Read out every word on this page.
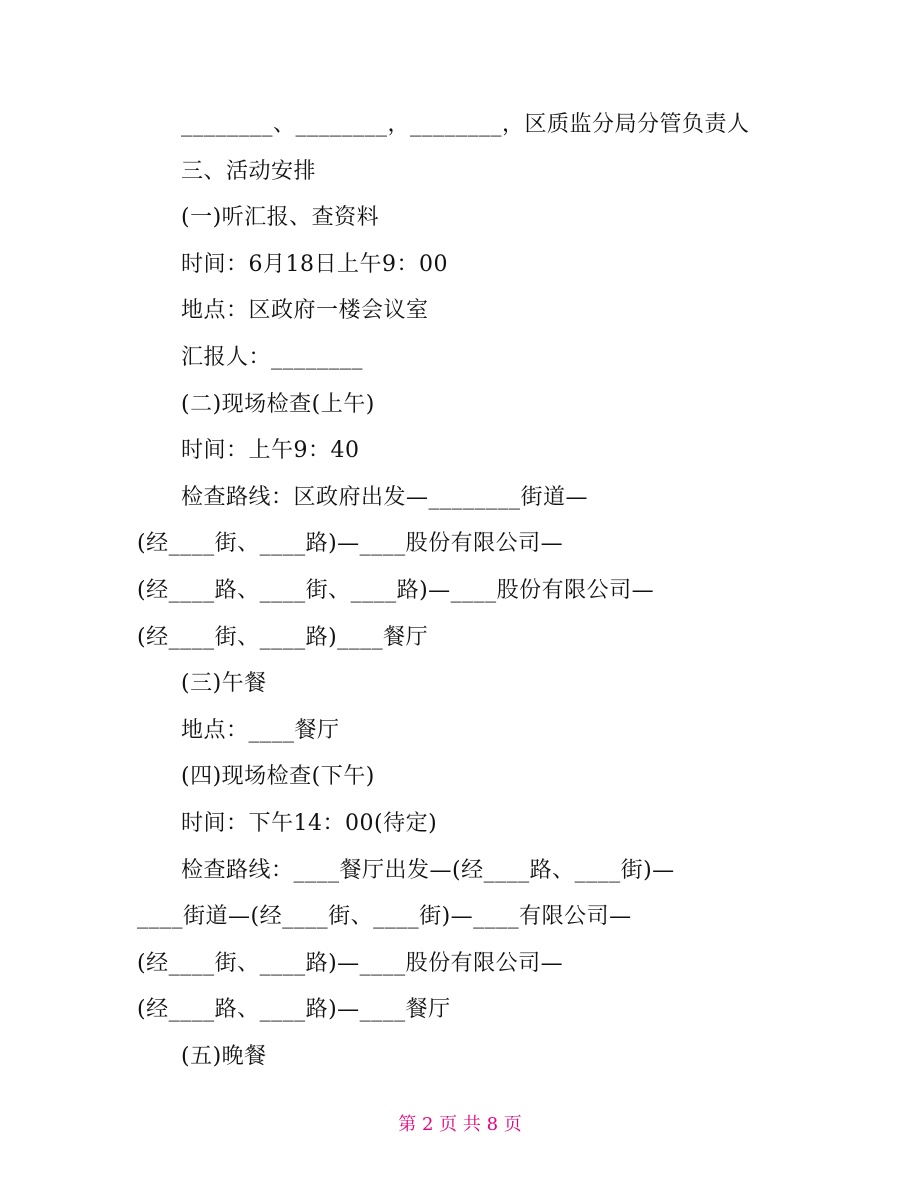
________、________，________，区质监分局分管负责人
三、活动安排
(一)听汇报、查资料
时间：6月18日上午9：00
地点：区政府一楼会议室
汇报人：________
(二)现场检查(上午)
时间：上午9：40
检查路线：区政府出发—________街道—
(经____街、____路)—____股份有限公司—
(经____路、____街、____路)—____股份有限公司—
(经____街、____路)____餐厅
(三)午餐
地点：____餐厅
(四)现场检查(下午)
时间：下午14：00(待定)
检查路线：____餐厅出发—(经____路、____街)—
____街道—(经____街、____街)—____有限公司—
(经____街、____路)—____股份有限公司—
(经____路、____路)—____餐厅
(五)晚餐
第 2 页 共 8 页
